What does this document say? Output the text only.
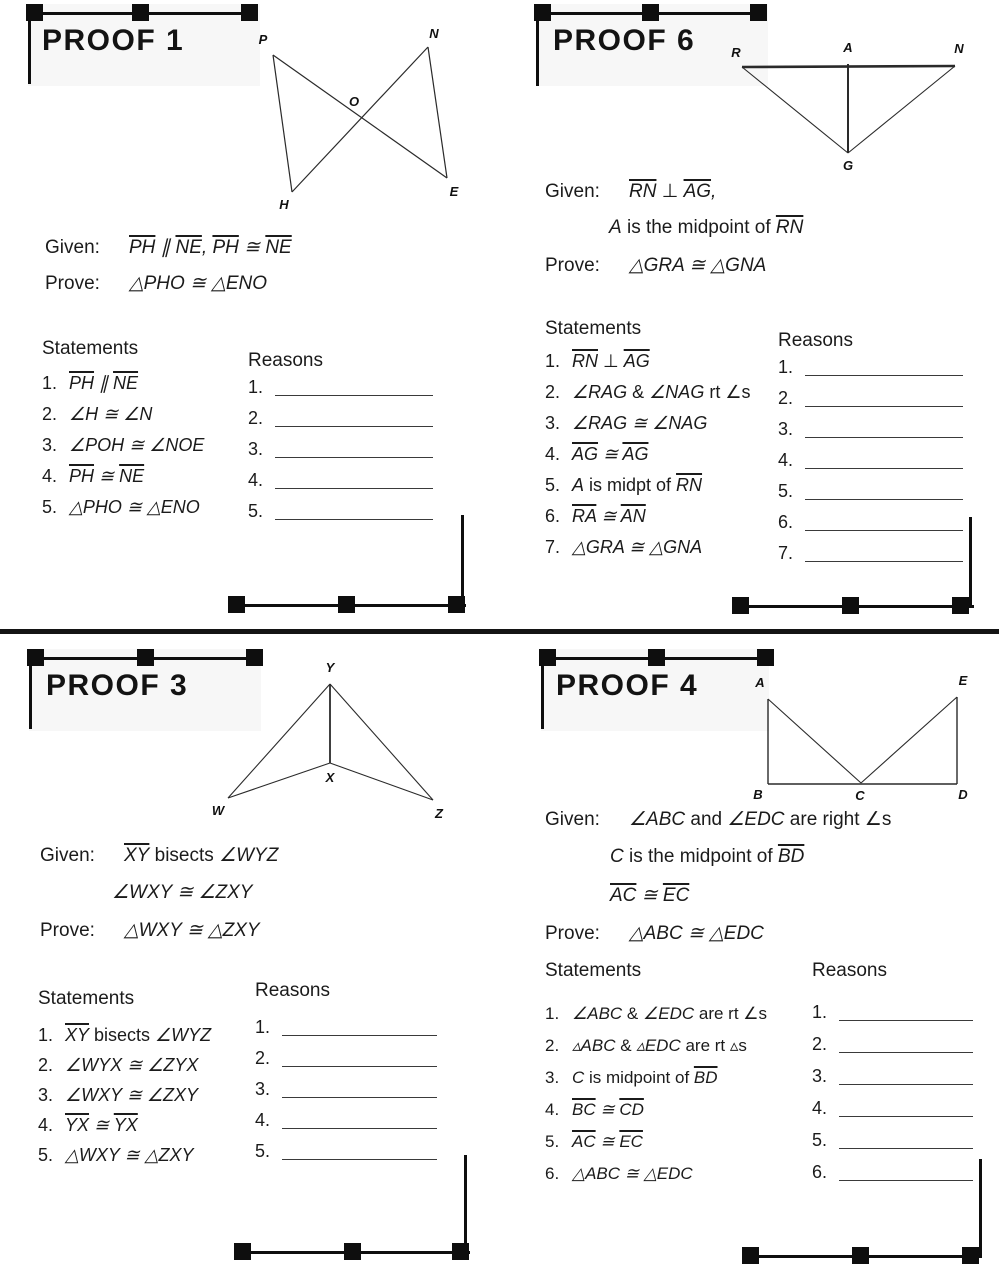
PROOF 1	P	N
H
E
O
Given: $\overline{PH}$ ∥ $\overline{NE}$, $\overline{PH}$ ≅ $\overline{NE}$
Prove: △PHO ≅ △ENO
Statements
1. $\overline{PH}$ ∥ $\overline{NE}$
2. ∠H ≅ ∠N
3. ∠POH ≅ ∠NOE
4. $\overline{PH}$ ≅ $\overline{NE}$
5. △PHO ≅ △ENO
Reasons
1.
2.
3.
4.
5.
PROOF 6	R	A	N
G
Given: $\overline{RN}$ ⊥ $\overline{AG}$,
A is the midpoint of $\overline{RN}$
Prove: △GRA ≅ △GNA
Statements
1. $\overline{RN}$ ⊥ $\overline{AG}$
2. ∠RAG & ∠NAG rt ∠s
3. ∠RAG ≅ ∠NAG
4. $\overline{AG}$ ≅ $\overline{AG}$
5. A is midpt of $\overline{RN}$
6. $\overline{RA}$ ≅ $\overline{AN}$
7. △GRA ≅ △GNA
Reasons
1.
2.
3.
4.
5.
6.
7.
PROOF 3
Y
X
W	Z
Given: $\overline{XY}$ bisects ∠WYZ
∠WXY ≅ ∠ZXY
Prove: △WXY ≅ △ZXY
Statements
1. $\overline{XY}$ bisects ∠WYZ
2. ∠WYX ≅ ∠ZYX
3. ∠WXY ≅ ∠ZXY
4. $\overline{YX}$ ≅ $\overline{YX}$
5. △WXY ≅ △ZXY
Reasons
1.
2.
3.
4.
5.
PROOF 4	A
B	C	D
E
Given: ∠ABC and ∠EDC are right ∠s
C is the midpoint of $\overline{BD}$
$\overline{AC}$ ≅ $\overline{EC}$
Prove: △ABC ≅ △EDC
Statements
1. ∠ABC & ∠EDC are rt ∠s
2. ▵ABC & ▵EDC are rt ▵s
3. C is midpoint of $\overline{BD}$
4. $\overline{BC}$ ≅ $\overline{CD}$
5. $\overline{AC}$ ≅ $\overline{EC}$
6. △ABC ≅ △EDC
Reasons
1.
2.
3.
4.
5.
6.
